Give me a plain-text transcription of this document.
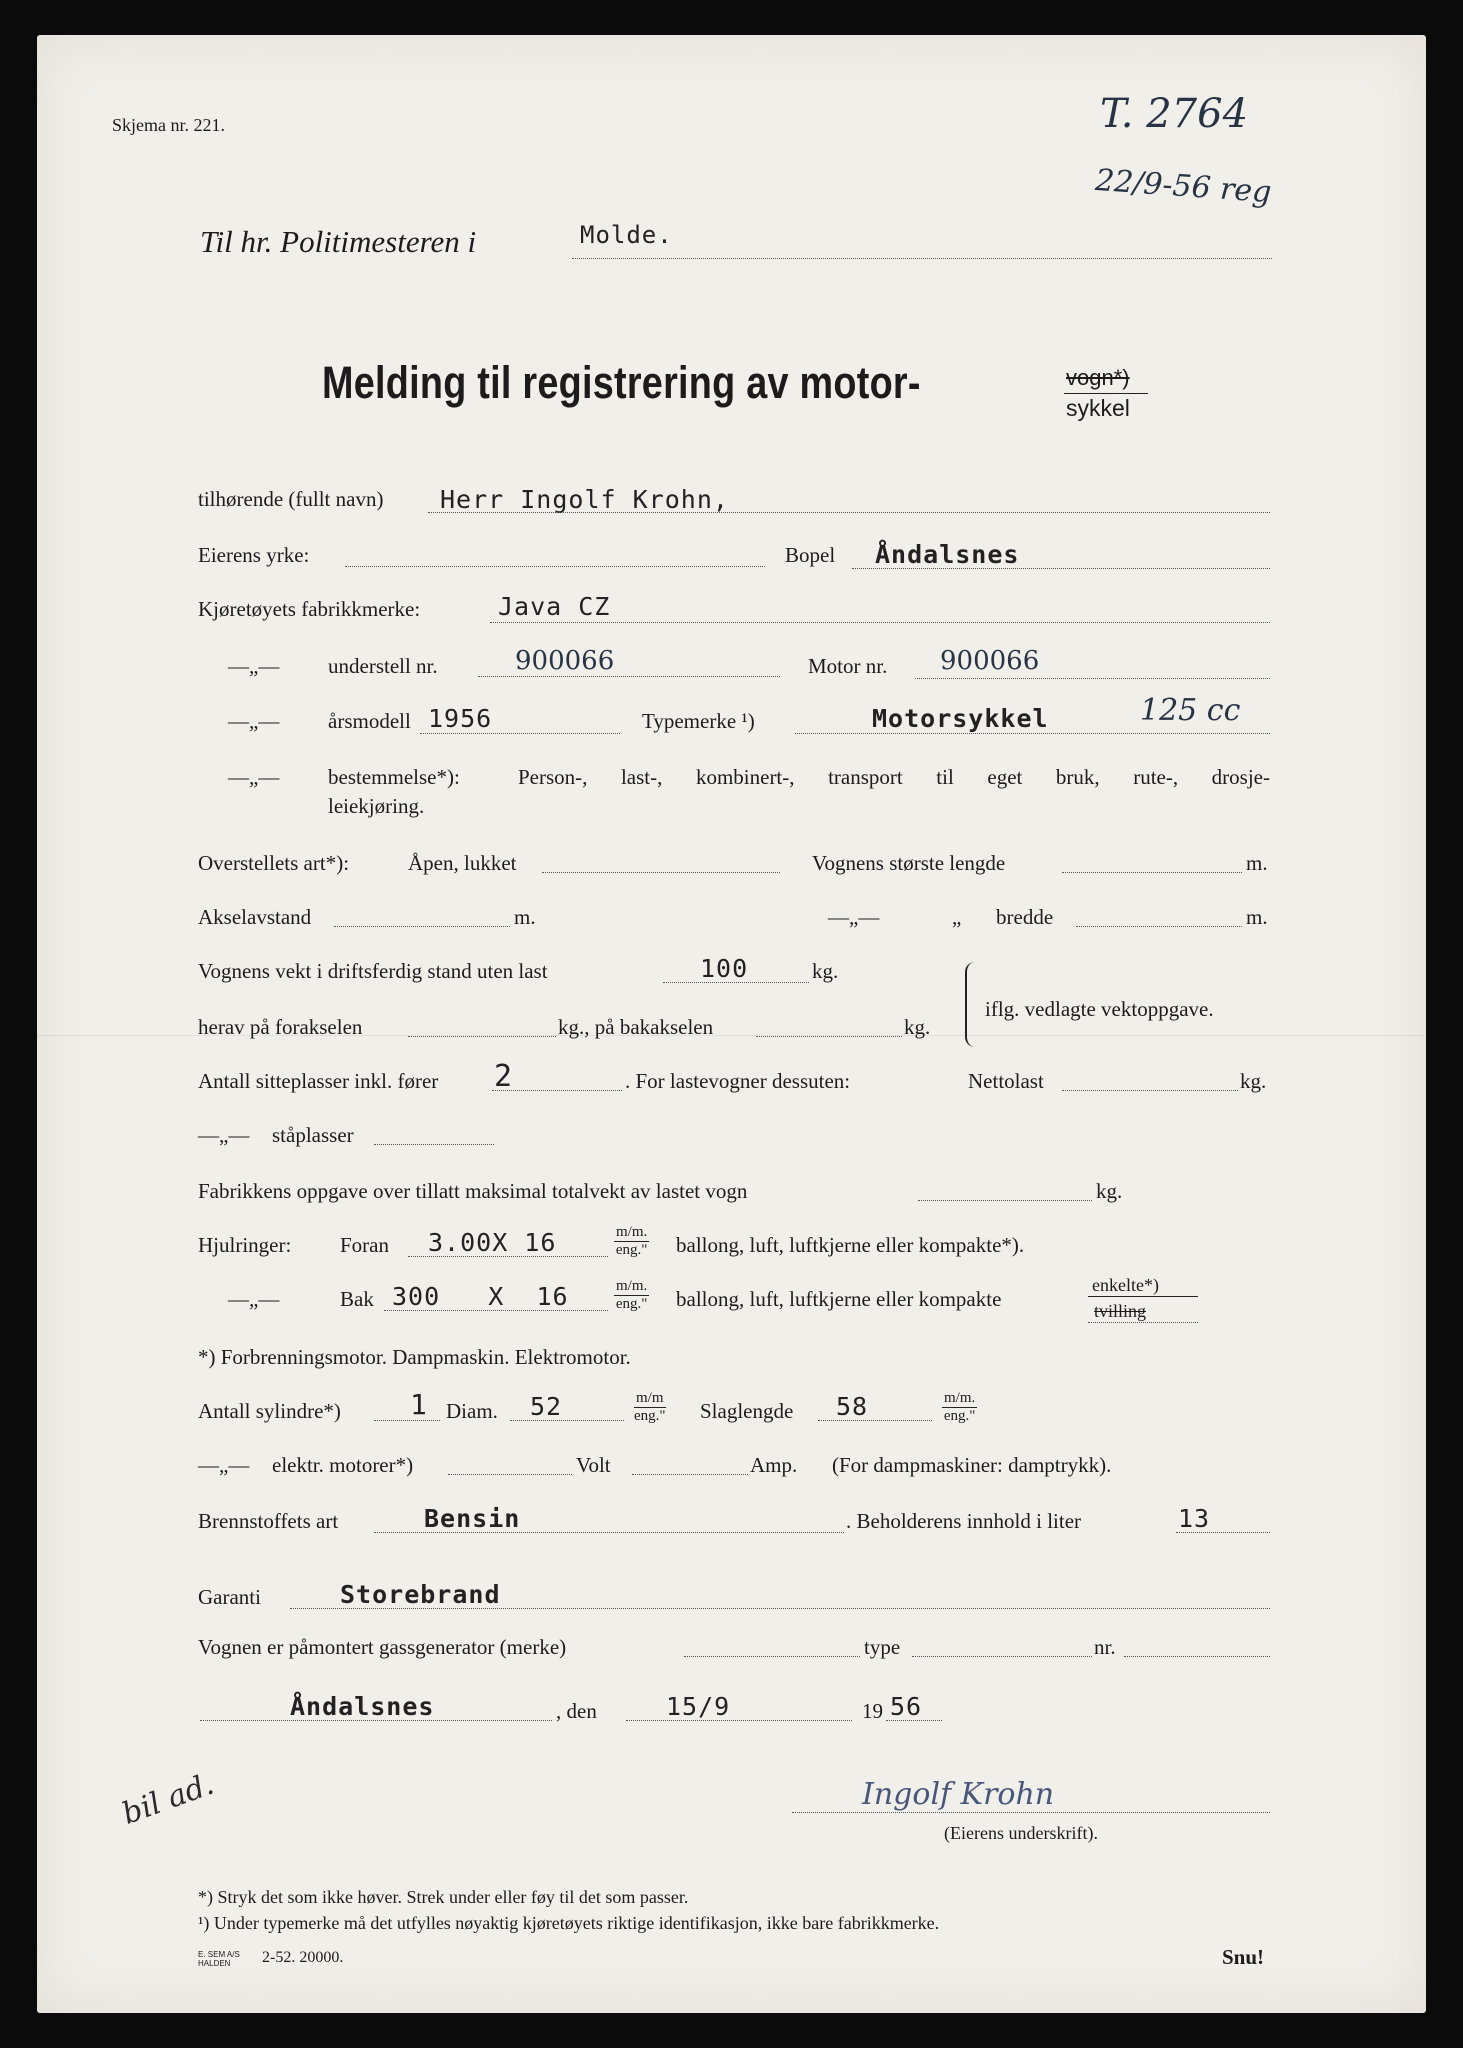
Skjema nr. 221.	T. 2764
22/9-56 reg
Til hr. Politimesteren i	Molde.
Melding til registrering av motor-	vogn*)
sykkel
tilhørende (fullt navn) Herr Ingolf Krohn,
Eierens yrke:	Bopel Åndalsnes
Kjøretøyets fabrikkmerke:	Java CZ
—„— understell nr.	900066	Motor nr. 900066
—„— årsmodell 1956	Typemerke ¹)	Motorsykkel	125 cc
—„— bestemmelse*):	Person-, last-, kombinert-, transport til eget bruk, rute-, drosje-
leiekjøring.
Overstellets art*):	Åpen, lukket	Vognens største lengde	m.
Akselavstand	m.	—„—	„ bredde	m.
Vognens vekt i driftsferdig stand uten last	100	kg.
herav på forakselen	kg., på bakakselen	kg.
iflg. vedlagte vektoppgave.
Antall sitteplasser inkl. fører 2	. For lastevogner dessuten:	Nettolast	kg.
—„— ståplasser
Fabrikkens oppgave over tillatt maksimal totalvekt av lastet vogn	kg.
Hjulringer: Foran 3.00X 16	m/m.
eng." ballong, luft, luftkjerne eller kompakte*).
—„—	Bak 300   X  16	m/m.
eng." ballong, luft, luftkjerne eller kompakte
enkelte*)
tvilling
*) Forbrenningsmotor. Dampmaskin. Elektromotor.
Antall sylindre*) 1 Diam. 52	m/m
eng." Slaglengde 58	m/m.
eng."
—„— elektr. motorer*)	Volt	Amp. (For dampmaskiner: damptrykk).
Brennstoffets art	Bensin	. Beholderens innhold i liter	13
Garanti	Storebrand
Vognen er påmontert gassgenerator (merke)	type	nr.
Åndalsnes	, den	15/9	19 56
Ingolf Krohn
(Eierens underskrift).
bil ad.
*) Stryk det som ikke høver. Strek under eller føy til det som passer.
¹) Under typemerke må det utfylles nøyaktig kjøretøyets riktige identifikasjon, ikke bare fabrikkmerke.
E. SEM A/S
HALDEN 2-52. 20000.	Snu!
